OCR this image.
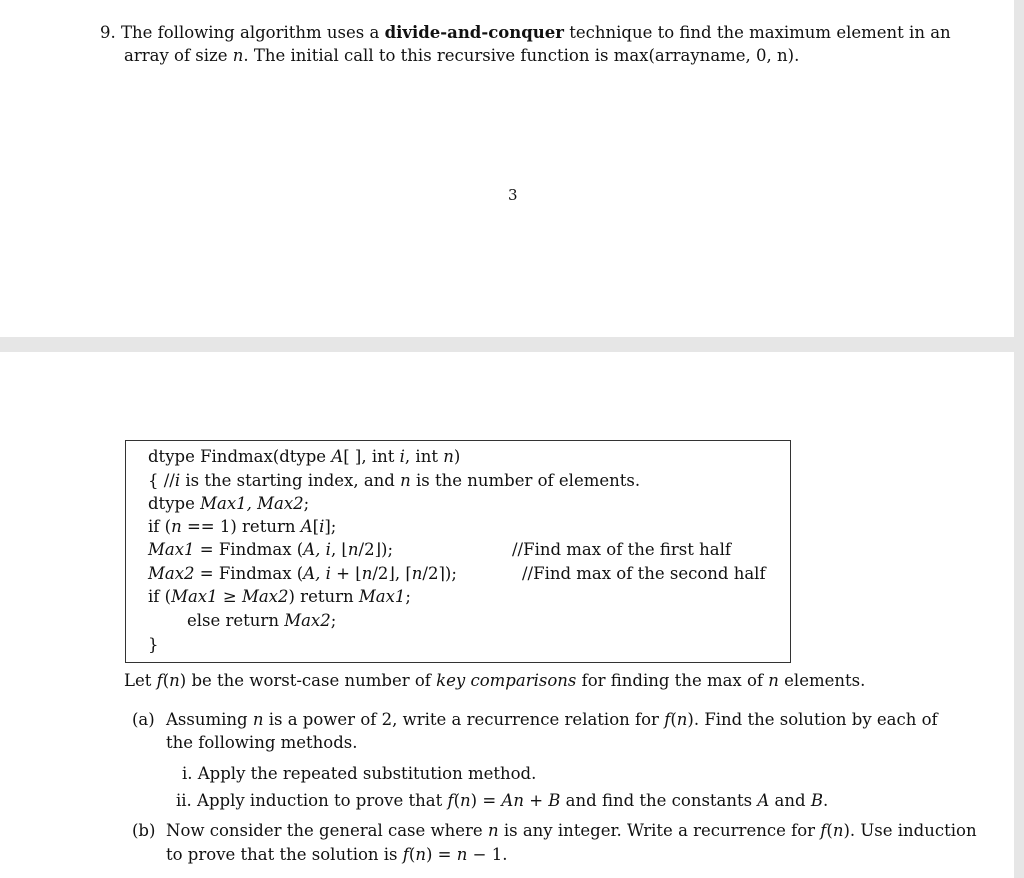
9. The following algorithm uses a divide-and-conquer technique to find the maximum element in an
array of size n. The initial call to this recursive function is max(arrayname, 0, n).
3
dtype Findmax(dtype A[ ], int i, int n)
{ //i is the starting index, and n is the number of elements.
dtype Max1, Max2;
if (n == 1) return A[i];
Max1 = Findmax (A, i, ⌊n/2⌋);	//Find max of the first half
Max2 = Findmax (A, i + ⌊n/2⌋, ⌈n/2⌉);	//Find max of the second half
if (Max1 ≥ Max2) return Max1;
else return Max2;
}
Let f(n) be the worst-case number of key comparisons for finding the max of n elements.
(a) Assuming n is a power of 2, write a recurrence relation for f(n). Find the solution by each of
the following methods.
i. Apply the repeated substitution method.
ii. Apply induction to prove that f(n) = An + B and find the constants A and B.
(b) Now consider the general case where n is any integer. Write a recurrence for f(n). Use induction
to prove that the solution is f(n) = n − 1.
